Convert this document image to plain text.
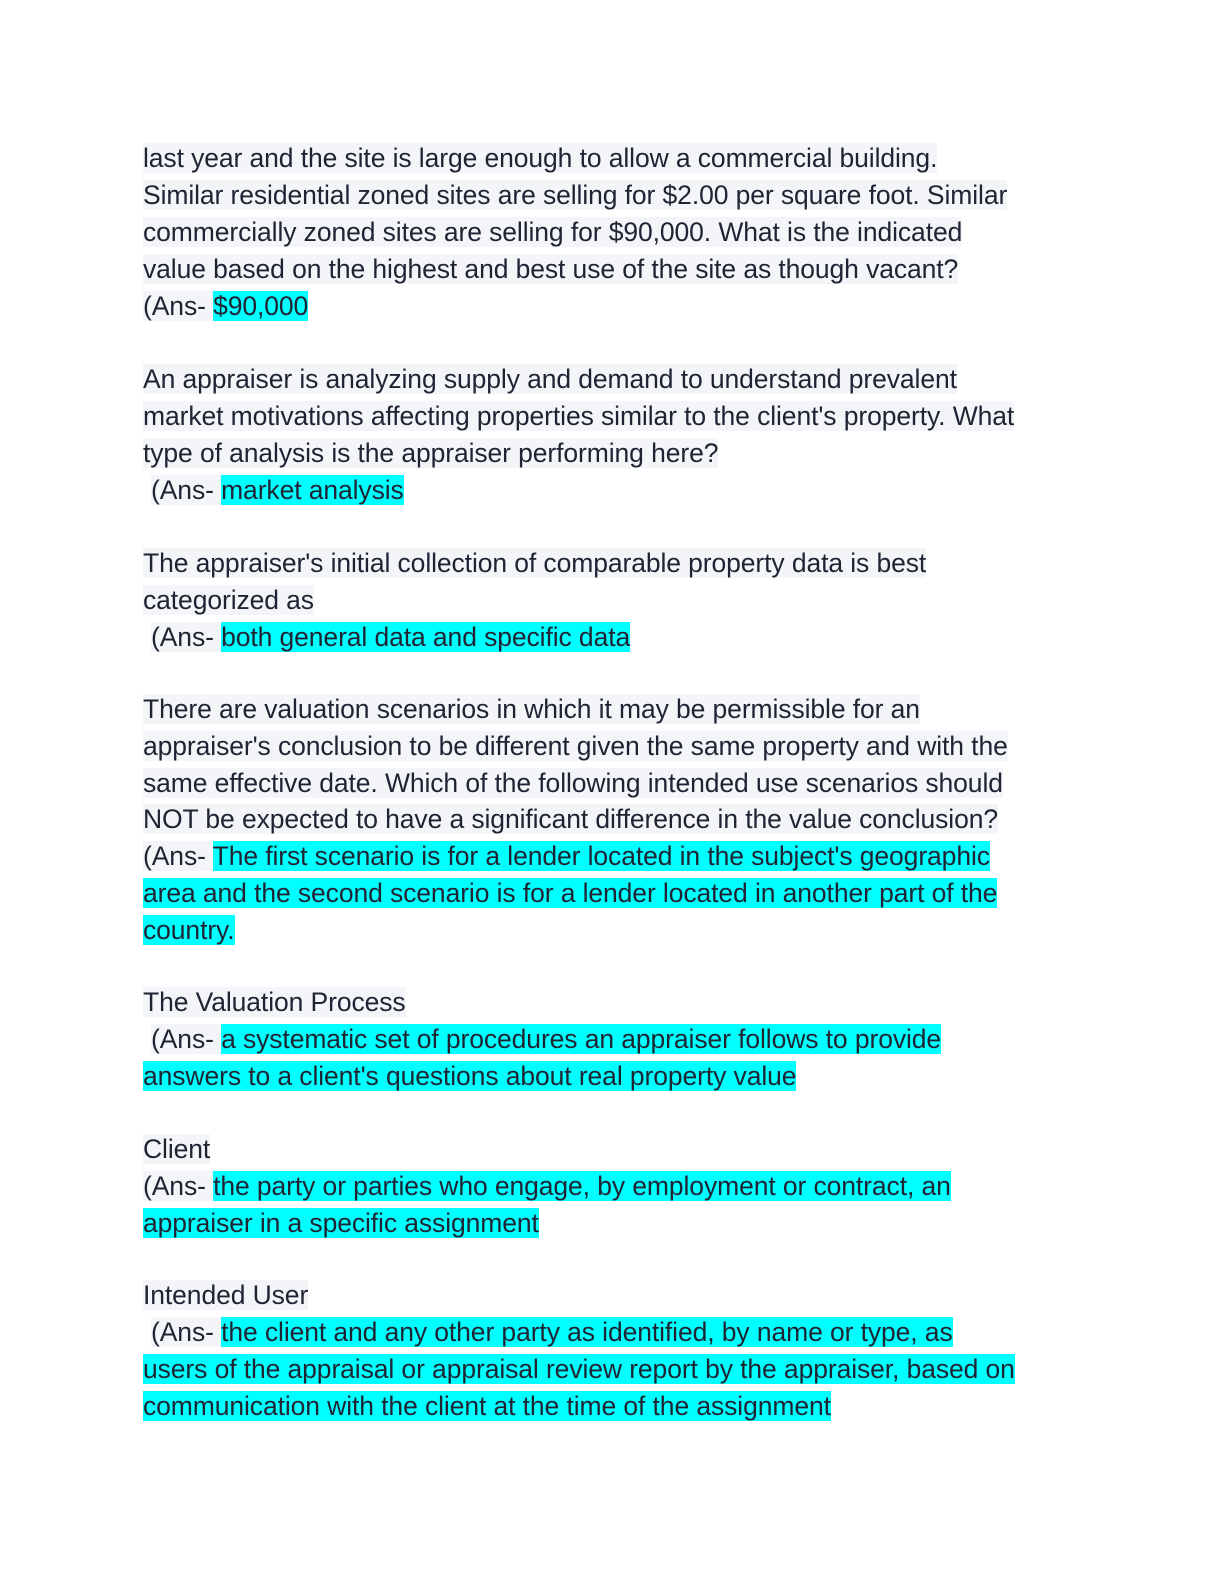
last year and the site is large enough to allow a commercial building.
Similar residential zoned sites are selling for $2.00 per square foot. Similar
commercially zoned sites are selling for $90,000. What is the indicated
value based on the highest and best use of the site as though vacant?
(Ans- $90,000
An appraiser is analyzing supply and demand to understand prevalent
market motivations affecting properties similar to the client's property. What
type of analysis is the appraiser performing here?
(Ans- market analysis
The appraiser's initial collection of comparable property data is best
categorized as
(Ans- both general data and specific data
There are valuation scenarios in which it may be permissible for an
appraiser's conclusion to be different given the same property and with the
same effective date. Which of the following intended use scenarios should
NOT be expected to have a significant difference in the value conclusion?
(Ans- The first scenario is for a lender located in the subject's geographic
area and the second scenario is for a lender located in another part of the
country.
The Valuation Process
(Ans- a systematic set of procedures an appraiser follows to provide
answers to a client's questions about real property value
Client
(Ans- the party or parties who engage, by employment or contract, an
appraiser in a specific assignment
Intended User
(Ans- the client and any other party as identified, by name or type, as
users of the appraisal or appraisal review report by the appraiser, based on
communication with the client at the time of the assignment
